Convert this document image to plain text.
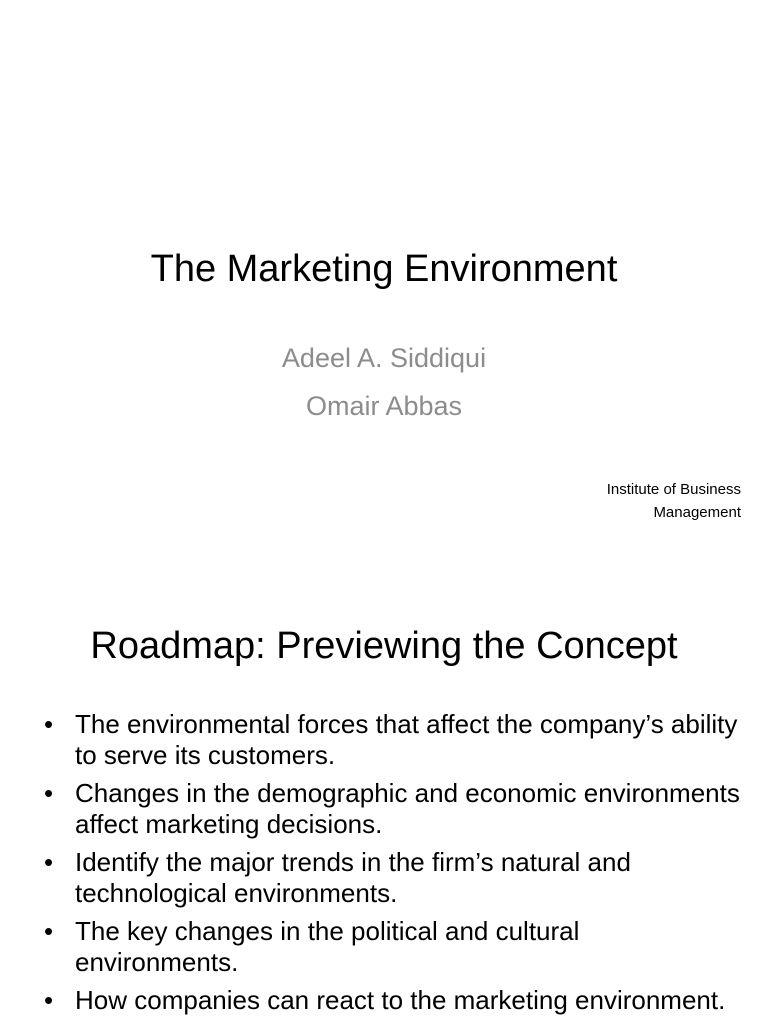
The Marketing Environment
Adeel A. Siddiqui
Omair Abbas
Institute of Business
Management
Roadmap: Previewing the Concept
• The environmental forces that affect the company’s ability to serve its customers.
• Changes in the demographic and economic environments affect marketing decisions.
• Identify the major trends in the firm’s natural and technological environments.
• The key changes in the political and cultural environments.
• How companies can react to the marketing environment.
